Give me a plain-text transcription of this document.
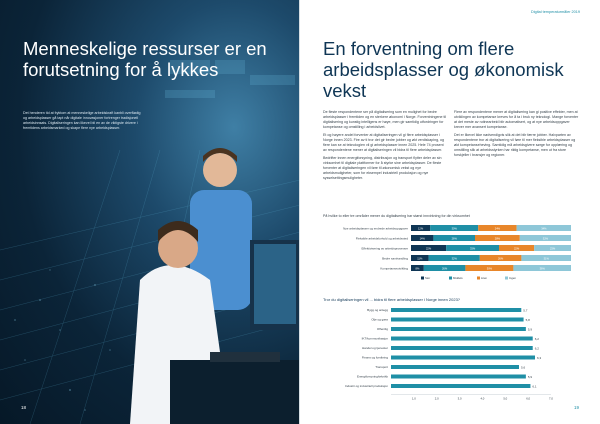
Menneskelige ressurser er en forutsetning for å lykkes

Det henderen tid at fryktom at menneskelige arbeidskraft kanbli overflødig og arbeidsplasser gå tapt når digitale innovasjoner fortrenger tradisjonell arbeidsinnsats. Digitaliseringen kan likevel bli en av de viktigste drivere i fremtidens arbeidsmarked og skape flere nye arbeidsplasser.

18
Digital temperaturmåler 2019
En forventning om flere arbeidsplasser og økonomisk vekst

De fleste respondentene ser på digitalisering som en mulighet for bedre arbeidsplasser i fremtiden og en sterkere økonomi i Norge. Forventningene til digitalisering og kunstig intelligens er høye, men gir samtidig utfordringer for kompetanse og omstilling i arbeidslivet.

Et og høyere andel forventer at digitaliseringen vil gi flere arbeidsplasser i Norge innen 2023. Fire av ti tror det gir bedre jobber og økt verdiskaping, og flere kan se at teknologien vil gi arbeidsplasser innen 2025. Hele 74 prosent av respondentene mener at digitaliseringen vil bidra til flere arbeidsplasser.

Bedrifter innen energiforsyning, distribusjon og transport flytter deler av sin virksomhet til digitale plattformer for å styrke sine arbeidsplasser. De fleste forventer at digitaliseringen vil føre til økonomisk vekst og nye arbeidsmuligheter, som for eksempel industriell produksjon og nye sysselsettingsmuligheter.

Flere av respondentene mener at digitalisering kan gi positive effekter, men at utviklingen av kompetanse kreves for å ta i bruk ny teknologi. Mange forventer at det meste av rutinearbeid blir automatisert, og at nye arbeidsoppgaver krever mer avansert kompetanse.

Det er likevel ikke nødvendigvis slik at det blir færre jobber. Halvparten av respondentene tror at digitalisering vil føre til mer fleksible arbeidsplasser og økt kompetanseheving. Samtidig må arbeidsgivere sørge for opplæring og omstilling slik at arbeidsstyrken har riktig kompetanse, men ut fra store forskjeller i bransjer og regioner.

På hvilke to eller tre områder mener du digitalisering har størst innvirkning for din virksomhet
Nye arbeidsplasser og endrede arbeidsoppgaver	12%	30%	24%	34%
Fleksible arbeidsforhold og arbeidssted	14%	26%	28%	32%
Effektivisering av arbeidsprosesser	22%	33%	22%	23%
Bedre samhandling	11%	32%	26%	31%
Kompetanseutvikling	8%	26%	30%	36%
Stor	Middels	Liten	Ingen
Tror du digitaliseringen vil ... bidra til flere arbeidsplasser i Norge innen 2023?
Bygg og anlegg	5,7
Olje og gass	5,8
Offentlig	5,9
IKT/kommunikasjon	6,2
Handel og tjenester	6,2
Finans og forsikring	6,3
Transport	5,6
Energiforsyning/teknikk	5,9
Industri og industriell produksjon	6,1
1,0	2,0	3,0	4,0	5,0	6,0	7,0
19
